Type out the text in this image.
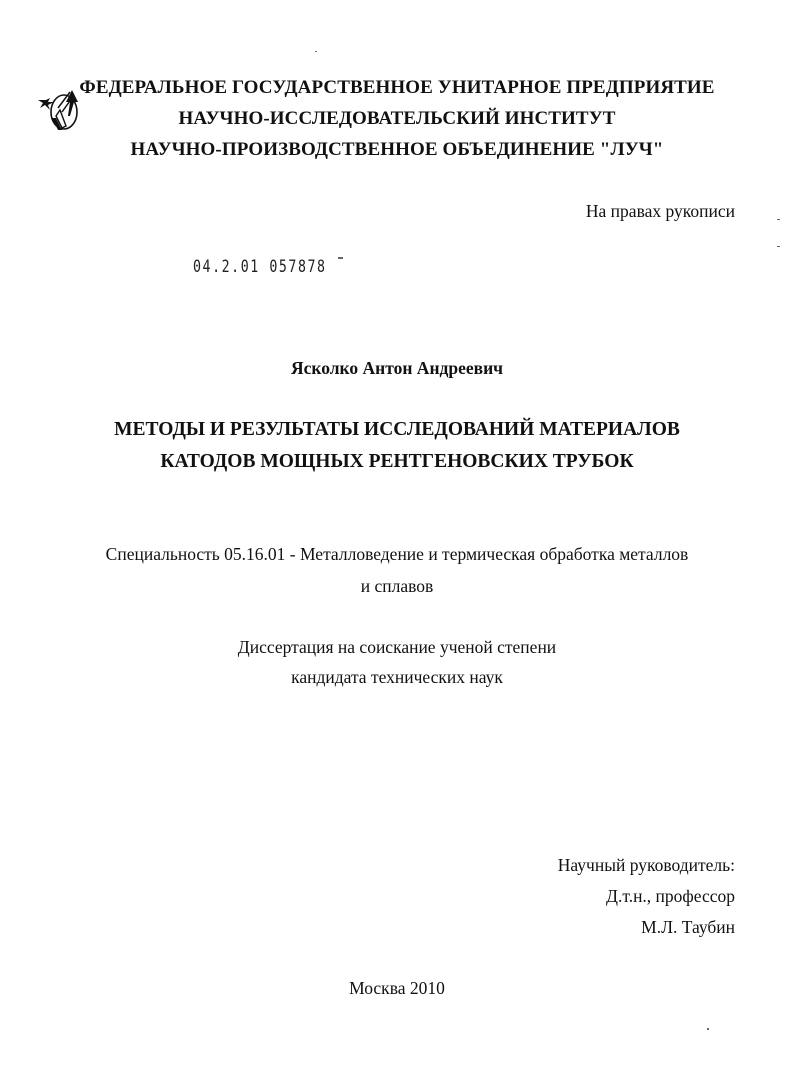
ФЕДЕРАЛЬНОЕ ГОСУДАРСТВЕННОЕ УНИТАРНОЕ ПРЕДПРИЯТИЕ
НАУЧНО-ИССЛЕДОВАТЕЛЬСКИЙ ИНСТИТУТ
НАУЧНО-ПРОИЗВОДСТВЕННОЕ ОБЪЕДИНЕНИЕ "ЛУЧ"
На правах рукописи
04.2.01 057878
Ясколко Антон Андреевич
МЕТОДЫ И РЕЗУЛЬТАТЫ ИССЛЕДОВАНИЙ МАТЕРИАЛОВ
КАТОДОВ МОЩНЫХ РЕНТГЕНОВСКИХ ТРУБОК
Специальность 05.16.01 - Металловедение и термическая обработка металлов
и сплавов
Диссертация на соискание ученой степени
кандидата технических наук
Научный руководитель:
Д.т.н., профессор
М.Л. Таубин
Москва 2010
